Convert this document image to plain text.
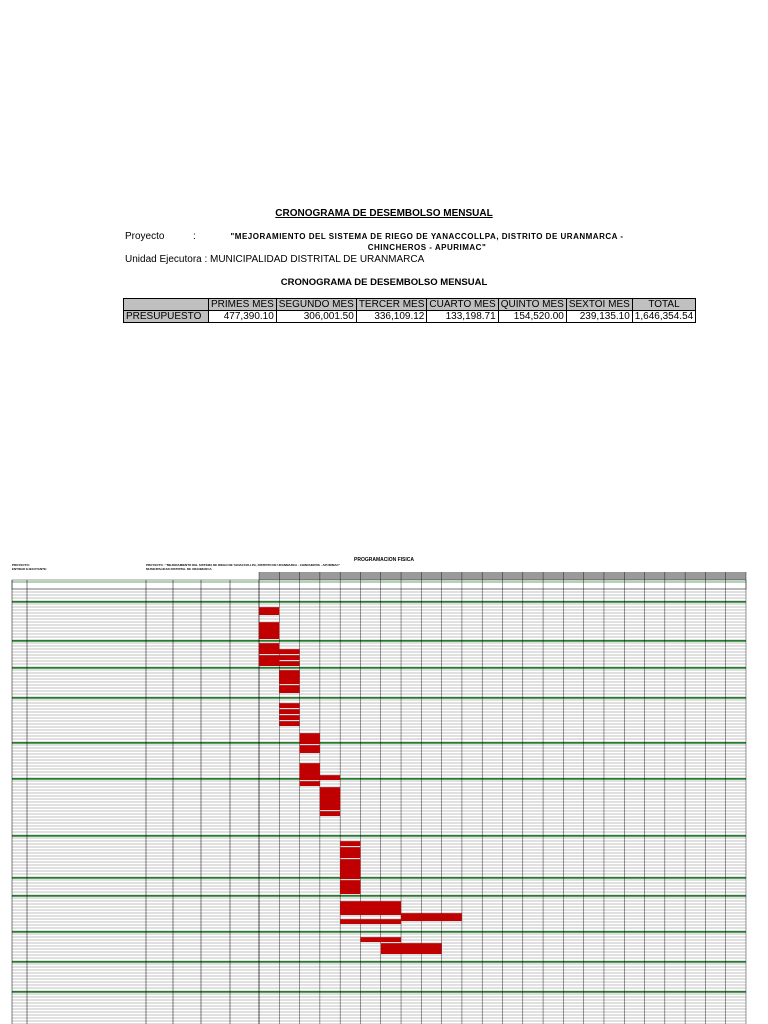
CRONOGRAMA DE DESEMBOLSO MENSUAL
Proyecto	:	"MEJORAMIENTO DEL SISTEMA DE RIEGO DE YANACCOLLPA, DISTRITO DE URANMARCA - CHINCHEROS - APURIMAC"
Unidad Ejecutora : MUNICIPALIDAD DISTRITAL DE URANMARCA
CRONOGRAMA DE DESEMBOLSO MENSUAL
	PRIMES MES	SEGUNDO MES	TERCER MES	CUARTO MES	QUINTO MES	SEXTOI MES	TOTAL
PRESUPUESTO	477,390.10	306,001.50	336,109.12	133,198.71	154,520.00	239,135.10	1,646,354.54
PROGRAMACION FISICA
PROYECTO:
ENTIDAD EJECUTANTE:
PROYECTO : "MEJORAMIENTO DEL SISTEMA DE RIEGO DE YANACCOLLPA, DISTRITO DE URANMARCA - CHINCHEROS - APURIMAC"
MUNICIPALIDAD DISTRITAL DE URANMARCA
